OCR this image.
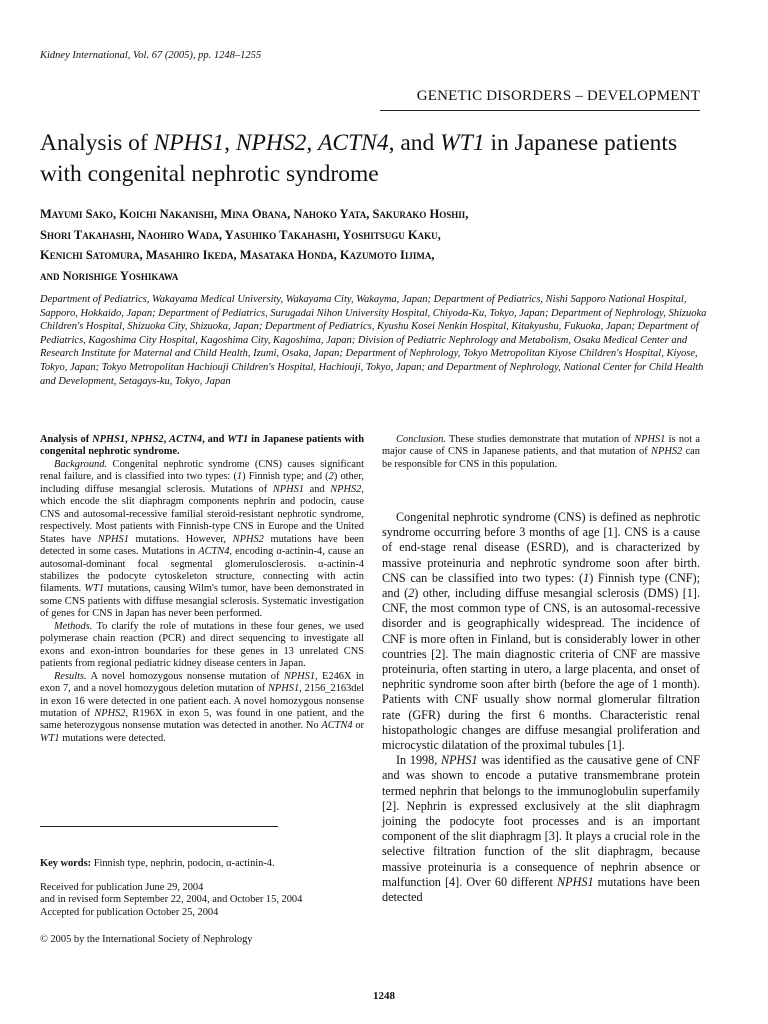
Kidney International, Vol. 67 (2005), pp. 1248–1255
GENETIC DISORDERS – DEVELOPMENT
Analysis of NPHS1, NPHS2, ACTN4, and WT1 in Japanese patients with congenital nephrotic syndrome
Mayumi Sako, Koichi Nakanishi, Mina Obana, Nahoko Yata, Sakurako Hoshii,
Shori Takahashi, Naohiro Wada, Yasuhiko Takahashi, Yoshitsugu Kaku,
Kenichi Satomura, Masahiro Ikeda, Masataka Honda, Kazumoto Iijima,
and Norishige Yoshikawa
Department of Pediatrics, Wakayama Medical University, Wakayama City, Wakayma, Japan; Department of Pediatrics, Nishi Sapporo National Hospital, Sapporo, Hokkaido, Japan; Department of Pediatrics, Surugadai Nihon University Hospital, Chiyoda-Ku, Tokyo, Japan; Department of Nephrology, Shizuoka Children's Hospital, Shizuoka City, Shizuoka, Japan; Department of Pediatrics, Kyushu Kosei Nenkin Hospital, Kitakyushu, Fukuoka, Japan; Department of Pediatrics, Kagoshima City Hospital, Kagoshima City, Kagoshima, Japan; Division of Pediatric Nephrology and Metabolism, Osaka Medical Center and Research Institute for Maternal and Child Health, Izumi, Osaka, Japan; Department of Nephrology, Tokyo Metropolitan Kiyose Children's Hospital, Kiyose, Tokyo, Japan; Tokyo Metropolitan Hachiouji Children's Hospital, Hachiouji, Tokyo, Japan; and Department of Nephrology, National Center for Child Health and Development, Setagays-ku, Tokyo, Japan

Analysis of NPHS1, NPHS2, ACTN4, and WT1 in Japanese patients with congenital nephrotic syndrome.

Background. Congenital nephrotic syndrome (CNS) causes significant renal failure, and is classified into two types: (1) Finnish type; and (2) other, including diffuse mesangial sclerosis. Mutations of NPHS1 and NPHS2, which encode the slit diaphragm components nephrin and podocin, cause CNS and autosomal-recessive familial steroid-resistant nephrotic syndrome, respectively. Most patients with Finnish-type CNS in Europe and the United States have NPHS1 mutations. However, NPHS2 mutations have been detected in some cases. Mutations in ACTN4, encoding α-actinin-4, cause an autosomal-dominant focal segmental glomerulosclerosis. α-actinin-4 stabilizes the podocyte cytoskeleton structure, connecting with actin filaments. WT1 mutations, causing Wilm's tumor, have been demonstrated in some CNS patients with diffuse mesangial sclerosis. Systematic investigation of genes for CNS in Japan has never been performed.

Methods. To clarify the role of mutations in these four genes, we used polymerase chain reaction (PCR) and direct sequencing to investigate all exons and exon-intron boundaries for these genes in 13 unrelated CNS patients from regional pediatric kidney disease centers in Japan.

Results. A novel homozygous nonsense mutation of NPHS1, E246X in exon 7, and a novel homozygous deletion mutation of NPHS1, 2156_2163del in exon 16 were detected in one patient each. A novel homozygous nonsense mutation of NPHS2, R196X in exon 5, was found in one patient, and the same heterozygous nonsense mutation was detected in another. No ACTN4 or WT1 mutations were detected.

Key words: Finnish type, nephrin, podocin, α-actinin-4.

Received for publication June 29, 2004

and in revised form September 22, 2004, and October 15, 2004

Accepted for publication October 25, 2004

© 2005 by the International Society of Nephrology

Conclusion. These studies demonstrate that mutation of NPHS1 is not a major cause of CNS in Japanese patients, and that mutation of NPHS2 can be responsible for CNS in this population.

Congenital nephrotic syndrome (CNS) is defined as nephrotic syndrome occurring before 3 months of age [1]. CNS is a cause of end-stage renal disease (ESRD), and is characterized by massive proteinuria and nephrotic syndrome soon after birth. CNS can be classified into two types: (1) Finnish type (CNF); and (2) other, including diffuse mesangial sclerosis (DMS) [1]. CNF, the most common type of CNS, is an autosomal-recessive disorder and is geographically widespread. The incidence of CNF is more often in Finland, but is considerably lower in other countries [2]. The main diagnostic criteria of CNF are massive proteinuria, often starting in utero, a large placenta, and onset of nephritic syndrome soon after birth (before the age of 1 month). Patients with CNF usually show normal glomerular filtration rate (GFR) during the first 6 months. Characteristic renal histopathologic changes are diffuse mesangial proliferation and microcystic dilatation of the proximal tubules [1].

In 1998, NPHS1 was identified as the causative gene of CNF and was shown to encode a putative transmembrane protein termed nephrin that belongs to the immunoglobulin superfamily [2]. Nephrin is expressed exclusively at the slit diaphragm joining the podocyte foot processes and is an important component of the slit diaphragm [3]. It plays a crucial role in the selective filtration function of the slit diaphragm, because massive proteinuria is a consequence of nephrin absence or malfunction [4]. Over 60 different NPHS1 mutations have been detected

1248
